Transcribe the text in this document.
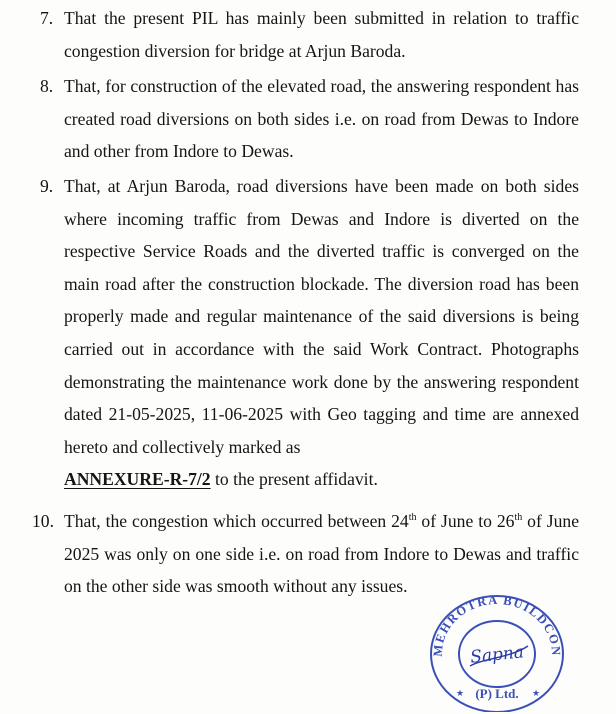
7. That the present PIL has mainly been submitted in relation to traffic congestion diversion for bridge at Arjun Baroda.
8. That, for construction of the elevated road, the answering respondent has created road diversions on both sides i.e. on road from Dewas to Indore and other from Indore to Dewas.
9. That, at Arjun Baroda, road diversions have been made on both sides where incoming traffic from Dewas and Indore is diverted on the respective Service Roads and the diverted traffic is converged on the main road after the construction blockade. The diversion road has been properly made and regular maintenance of the said diversions is being carried out in accordance with the said Work Contract. Photographs demonstrating the maintenance work done by the answering respondent dated 21-05-2025, 11-06-2025 with Geo tagging and time are annexed hereto and collectively marked as
ANNEXURE-R-7/2 to the present affidavit.
10. That, the congestion which occurred between 24th of June to 26th of June 2025 was only on one side i.e. on road from Indore to Dewas and traffic on the other side was smooth without any issues.
MEHROTRA BUILDCON
(P) Ltd.
★	★
Sapna
